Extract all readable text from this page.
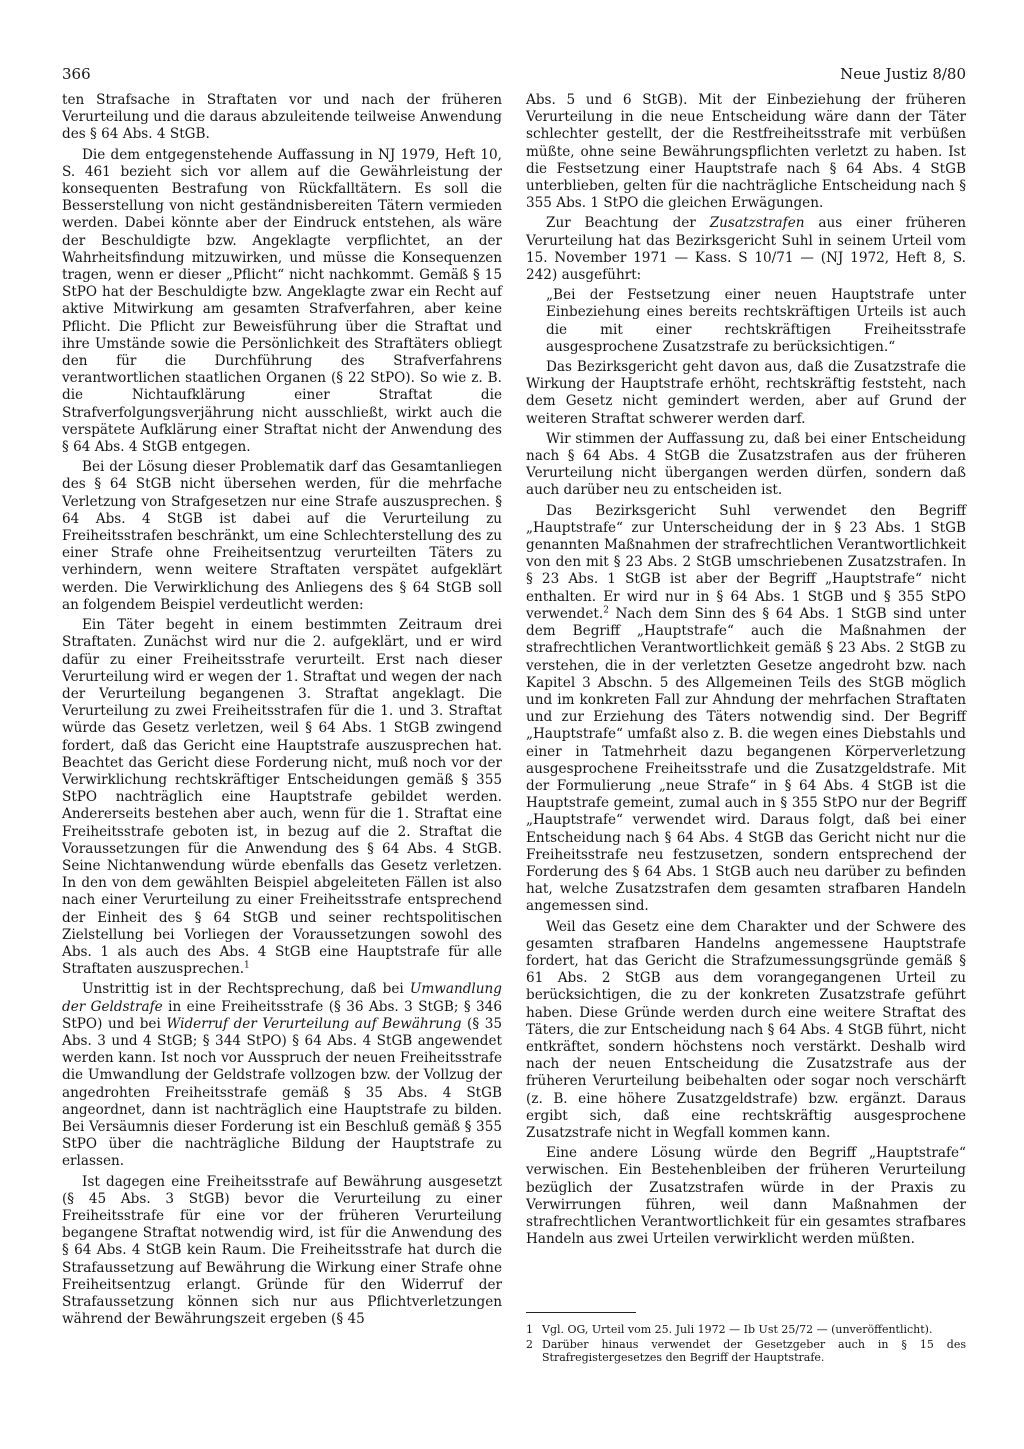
366	Neue Justiz 8/80

ten Strafsache in Straftaten vor und nach der früheren Verurteilung und die daraus abzuleitende teilweise Anwendung des § 64 Abs. 4 StGB.

Die dem entgegenstehende Auffassung in NJ 1979, Heft 10, S. 461 bezieht sich vor allem auf die Gewährleistung der konsequenten Bestrafung von Rückfalltätern. Es soll die Besserstellung von nicht geständnisbereiten Tätern vermieden werden. Dabei könnte aber der Eindruck entstehen, als wäre der Beschuldigte bzw. Angeklagte verpflichtet, an der Wahrheitsfindung mitzuwirken, und müsse die Konsequenzen tragen, wenn er dieser „Pflicht“ nicht nachkommt. Gemäß § 15 StPO hat der Beschuldigte bzw. Angeklagte zwar ein Recht auf aktive Mitwirkung am gesamten Strafverfahren, aber keine Pflicht. Die Pflicht zur Beweisführung über die Straftat und ihre Umstände sowie die Persönlichkeit des Straftäters obliegt den für die Durchführung des Strafverfahrens verantwortlichen staatlichen Organen (§ 22 StPO). So wie z. B. die Nichtaufklärung einer Straftat die Strafverfolgungsverjährung nicht ausschließt, wirkt auch die verspätete Aufklärung einer Straftat nicht der Anwendung des § 64 Abs. 4 StGB entgegen.

Bei der Lösung dieser Problematik darf das Gesamtanliegen des § 64 StGB nicht übersehen werden, für die mehrfache Verletzung von Strafgesetzen nur eine Strafe auszusprechen. § 64 Abs. 4 StGB ist dabei auf die Verurteilung zu Freiheitsstrafen beschränkt, um eine Schlechterstellung des zu einer Strafe ohne Freiheitsentzug verurteilten Täters zu verhindern, wenn weitere Straftaten verspätet aufgeklärt werden. Die Verwirklichung des Anliegens des § 64 StGB soll an folgendem Beispiel verdeutlicht werden:

Ein Täter begeht in einem bestimmten Zeitraum drei Straftaten. Zunächst wird nur die 2. aufgeklärt, und er wird dafür zu einer Freiheitsstrafe verurteilt. Erst nach dieser Verurteilung wird er wegen der 1. Straftat und wegen der nach der Verurteilung begangenen 3. Straftat angeklagt. Die Verurteilung zu zwei Freiheitsstrafen für die 1. und 3. Straftat würde das Gesetz verletzen, weil § 64 Abs. 1 StGB zwingend fordert, daß das Gericht eine Hauptstrafe auszusprechen hat. Beachtet das Gericht diese Forderung nicht, muß noch vor der Verwirklichung rechtskräftiger Entscheidungen gemäß § 355 StPO nachträglich eine Hauptstrafe gebildet werden. Andererseits bestehen aber auch, wenn für die 1. Straftat eine Freiheitsstrafe geboten ist, in bezug auf die 2. Straftat die Voraussetzungen für die Anwendung des § 64 Abs. 4 StGB. Seine Nichtanwendung würde ebenfalls das Gesetz verletzen. In den von dem gewählten Beispiel abgeleiteten Fällen ist also nach einer Verurteilung zu einer Freiheitsstrafe entsprechend der Einheit des § 64 StGB und seiner rechtspolitischen Zielstellung bei Vorliegen der Voraussetzungen sowohl des Abs. 1 als auch des Abs. 4 StGB eine Hauptstrafe für alle Straftaten auszusprechen.$^1$

Unstrittig ist in der Rechtsprechung, daß bei Umwandlung der Geldstrafe in eine Freiheitsstrafe (§ 36 Abs. 3 StGB; § 346 StPO) und bei Widerruf der Verurteilung auf Bewährung (§ 35 Abs. 3 und 4 StGB; § 344 StPO) § 64 Abs. 4 StGB angewendet werden kann. Ist noch vor Ausspruch der neuen Freiheitsstrafe die Umwandlung der Geldstrafe vollzogen bzw. der Vollzug der angedrohten Freiheitsstrafe gemäß § 35 Abs. 4 StGB angeordnet, dann ist nachträglich eine Hauptstrafe zu bilden. Bei Versäumnis dieser Forderung ist ein Beschluß gemäß § 355 StPO über die nachträgliche Bildung der Hauptstrafe zu erlassen.

Ist dagegen eine Freiheitsstrafe auf Bewährung ausgesetzt (§ 45 Abs. 3 StGB) bevor die Verurteilung zu einer Freiheitsstrafe für eine vor der früheren Verurteilung begangene Straftat notwendig wird, ist für die Anwendung des § 64 Abs. 4 StGB kein Raum. Die Freiheitsstrafe hat durch die Strafaussetzung auf Bewährung die Wirkung einer Strafe ohne Freiheitsentzug erlangt. Gründe für den Widerruf der Strafaussetzung können sich nur aus Pflichtverletzungen während der Bewährungszeit ergeben (§ 45

Abs. 5 und 6 StGB). Mit der Einbeziehung der früheren Verurteilung in die neue Entscheidung wäre dann der Täter schlechter gestellt, der die Restfreiheitsstrafe mit verbüßen müßte, ohne seine Bewährungspflichten verletzt zu haben. Ist die Festsetzung einer Hauptstrafe nach § 64 Abs. 4 StGB unterblieben, gelten für die nachträgliche Entscheidung nach § 355 Abs. 1 StPO die gleichen Erwägungen.

Zur Beachtung der Zusatzstrafen aus einer früheren Verurteilung hat das Bezirksgericht Suhl in seinem Urteil vom 15. November 1971 — Kass. S 10/71 — (NJ 1972, Heft 8, S. 242) ausgeführt:

„Bei der Festsetzung einer neuen Hauptstrafe unter Einbeziehung eines bereits rechtskräftigen Urteils ist auch die mit einer rechtskräftigen Freiheitsstrafe ausgesprochene Zusatzstrafe zu berücksichtigen.“

Das Bezirksgericht geht davon aus, daß die Zusatzstrafe die Wirkung der Hauptstrafe erhöht, rechtskräftig feststeht, nach dem Gesetz nicht gemindert werden, aber auf Grund der weiteren Straftat schwerer werden darf.

Wir stimmen der Auffassung zu, daß bei einer Entscheidung nach § 64 Abs. 4 StGB die Zusatzstrafen aus der früheren Verurteilung nicht übergangen werden dürfen, sondern daß auch darüber neu zu entscheiden ist.

Das Bezirksgericht Suhl verwendet den Begriff „Hauptstrafe“ zur Unterscheidung der in § 23 Abs. 1 StGB genannten Maßnahmen der strafrechtlichen Verantwortlichkeit von den mit § 23 Abs. 2 StGB umschriebenen Zusatzstrafen. In § 23 Abs. 1 StGB ist aber der Begriff „Hauptstrafe“ nicht enthalten. Er wird nur in § 64 Abs. 1 StGB und § 355 StPO verwendet.$^2$ Nach dem Sinn des § 64 Abs. 1 StGB sind unter dem Begriff „Hauptstrafe“ auch die Maßnahmen der strafrechtlichen Verantwortlichkeit gemäß § 23 Abs. 2 StGB zu verstehen, die in der verletzten Gesetze angedroht bzw. nach Kapitel 3 Abschn. 5 des Allgemeinen Teils des StGB möglich und im konkreten Fall zur Ahndung der mehrfachen Straftaten und zur Erziehung des Täters notwendig sind. Der Begriff „Hauptstrafe“ umfaßt also z. B. die wegen eines Diebstahls und einer in Tatmehrheit dazu begangenen Körperverletzung ausgesprochene Freiheitsstrafe und die Zusatzgeldstrafe. Mit der Formulierung „neue Strafe“ in § 64 Abs. 4 StGB ist die Hauptstrafe gemeint, zumal auch in § 355 StPO nur der Begriff „Hauptstrafe“ verwendet wird. Daraus folgt, daß bei einer Entscheidung nach § 64 Abs. 4 StGB das Gericht nicht nur die Freiheitsstrafe neu festzusetzen, sondern entsprechend der Forderung des § 64 Abs. 1 StGB auch neu darüber zu befinden hat, welche Zusatzstrafen dem gesamten strafbaren Handeln angemessen sind.

Weil das Gesetz eine dem Charakter und der Schwere des gesamten strafbaren Handelns angemessene Hauptstrafe fordert, hat das Gericht die Strafzumessungsgründe gemäß § 61 Abs. 2 StGB aus dem vorangegangenen Urteil zu berücksichtigen, die zu der konkreten Zusatzstrafe geführt haben. Diese Gründe werden durch eine weitere Straftat des Täters, die zur Entscheidung nach § 64 Abs. 4 StGB führt, nicht entkräftet, sondern höchstens noch verstärkt. Deshalb wird nach der neuen Entscheidung die Zusatzstrafe aus der früheren Verurteilung beibehalten oder sogar noch verschärft (z. B. eine höhere Zusatzgeldstrafe) bzw. ergänzt. Daraus ergibt sich, daß eine rechtskräftig ausgesprochene Zusatzstrafe nicht in Wegfall kommen kann.

Eine andere Lösung würde den Begriff „Hauptstrafe“ verwischen. Ein Bestehenbleiben der früheren Verurteilung bezüglich der Zusatzstrafen würde in der Praxis zu Verwirrungen führen, weil dann Maßnahmen der strafrechtlichen Verantwortlichkeit für ein gesamtes strafbares Handeln aus zwei Urteilen verwirklicht werden müßten.

1 Vgl. OG, Urteil vom 25. Juli 1972 — Ib Ust 25/72 — (unveröffentlicht).
2 Darüber hinaus verwendet der Gesetzgeber auch in § 15 des Strafregistergesetzes den Begriff der Hauptstrafe.
